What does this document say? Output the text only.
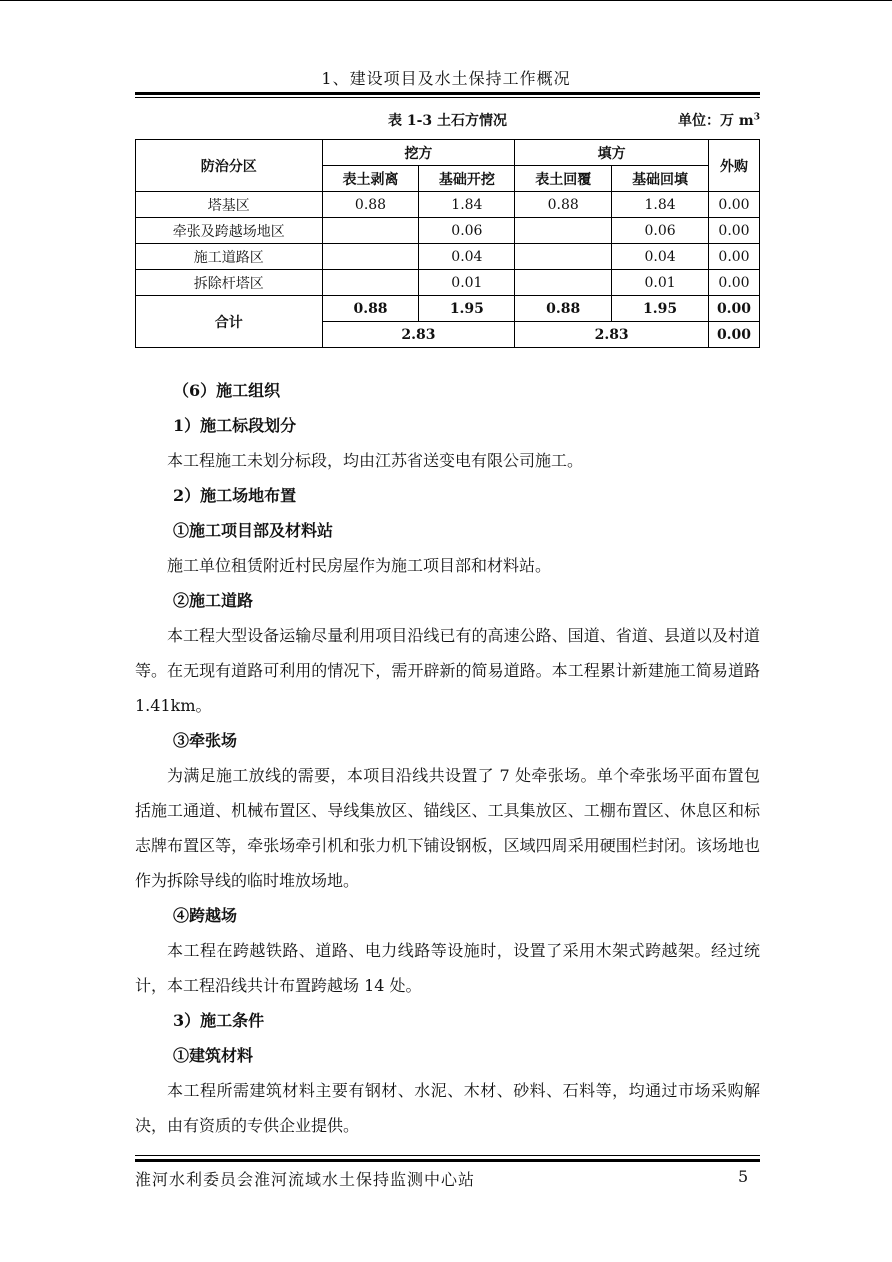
1、建设项目及水土保持工作概况
表 1-3 土石方情况	单位：万 $m^3$
防治分区	挖方		填方		外购
	表土剥离	基础开挖	表土回覆	基础回填	
塔基区	0.88	1.84	0.88	1.84	0.00
牵张及跨越场地区		0.06		0.06	0.00
施工道路区		0.04		0.04	0.00
拆除杆塔区		0.01		0.01	0.00
合计	0.88	1.95	0.88	1.95	0.00
	2.83		2.83		0.00

（6）施工组织

1）施工标段划分

本工程施工未划分标段，均由江苏省送变电有限公司施工。

2）施工场地布置

①施工项目部及材料站

施工单位租赁附近村民房屋作为施工项目部和材料站。

②施工道路

本工程大型设备运输尽量利用项目沿线已有的高速公路、国道、省道、县道以及村道等。在无现有道路可利用的情况下，需开辟新的简易道路。本工程累计新建施工简易道路 1.41km。

③牵张场

为满足施工放线的需要，本项目沿线共设置了 7 处牵张场。单个牵张场平面布置包括施工通道、机械布置区、导线集放区、锚线区、工具集放区、工棚布置区、休息区和标志牌布置区等，牵张场牵引机和张力机下铺设钢板，区域四周采用硬围栏封闭。该场地也作为拆除导线的临时堆放场地。

④跨越场

本工程在跨越铁路、道路、电力线路等设施时，设置了采用木架式跨越架。经过统计，本工程沿线共计布置跨越场 14 处。

3）施工条件

①建筑材料

本工程所需建筑材料主要有钢材、水泥、木材、砂料、石料等，均通过市场采购解决，由有资质的专供企业提供。

淮河水利委员会淮河流域水土保持监测中心站	5
